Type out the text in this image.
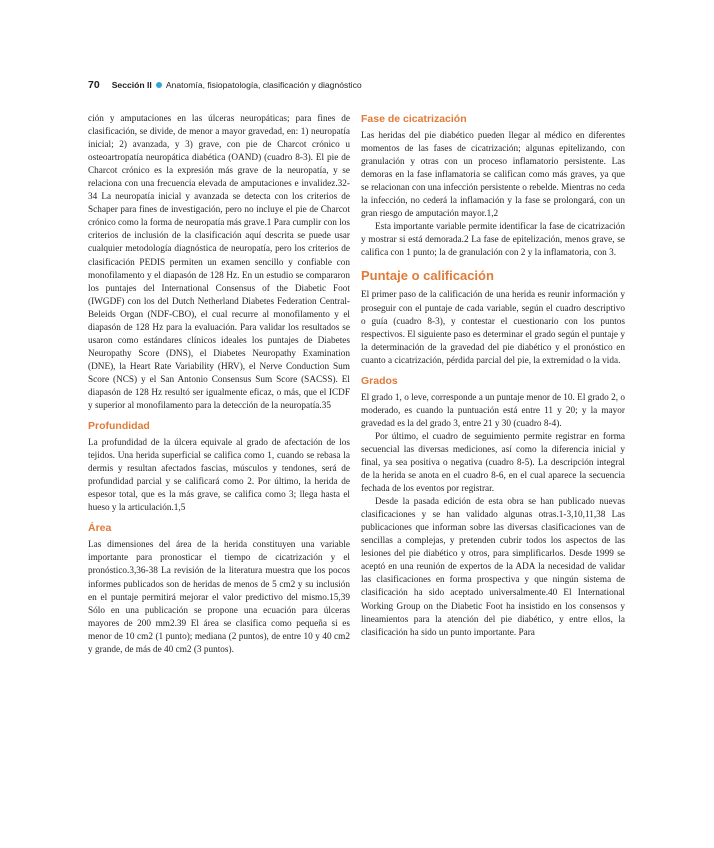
70 Sección II Anatomía, fisiopatología, clasificación y diagnóstico

ción y amputaciones en las úlceras neuropáticas; para fines de clasificación, se divide, de menor a mayor gravedad, en: 1) neuropatía inicial; 2) avanzada, y 3) grave, con pie de Charcot crónico u osteoartropatía neuropática diabética (OAND) (cuadro 8-3). El pie de Charcot crónico es la expresión más grave de la neuropatía, y se relaciona con una frecuencia elevada de amputaciones e invalidez.32-34 La neuropatía inicial y avanzada se detecta con los criterios de Schaper para fines de investigación, pero no incluye el pie de Charcot crónico como la forma de neuropatía más grave.1 Para cumplir con los criterios de inclusión de la clasificación aquí descrita se puede usar cualquier metodología diagnóstica de neuropatía, pero los criterios de clasificación PEDIS permiten un examen sencillo y confiable con monofilamento y el diapasón de 128 Hz. En un estudio se compararon los puntajes del International Consensus of the Diabetic Foot (IWGDF) con los del Dutch Netherland Diabetes Federation Central-Beleids Organ (NDF-CBO), el cual recurre al monofilamento y el diapasón de 128 Hz para la evaluación. Para validar los resultados se usaron como estándares clínicos ideales los puntajes de Diabetes Neuropathy Score (DNS), el Diabetes Neuropathy Examination (DNE), la Heart Rate Variability (HRV), el Nerve Conduction Sum Score (NCS) y el San Antonio Consensus Sum Score (SACSS). El diapasón de 128 Hz resultó ser igualmente eficaz, o más, que el ICDF y superior al monofilamento para la detección de la neuropatía.35

Profundidad

La profundidad de la úlcera equivale al grado de afectación de los tejidos. Una herida superficial se califica como 1, cuando se rebasa la dermis y resultan afectados fascias, músculos y tendones, será de profundidad parcial y se calificará como 2. Por último, la herida de espesor total, que es la más grave, se califica como 3; llega hasta el hueso y la articulación.1,5

Área

Las dimensiones del área de la herida constituyen una variable importante para pronosticar el tiempo de cicatrización y el pronóstico.3,36-38 La revisión de la literatura muestra que los pocos informes publicados son de heridas de menos de 5 cm2 y su inclusión en el puntaje permitirá mejorar el valor predictivo del mismo.15,39 Sólo en una publicación se propone una ecuación para úlceras mayores de 200 mm2.39 El área se clasifica como pequeña si es menor de 10 cm2 (1 punto); mediana (2 puntos), de entre 10 y 40 cm2 y grande, de más de 40 cm2 (3 puntos).

Fase de cicatrización

Las heridas del pie diabético pueden llegar al médico en diferentes momentos de las fases de cicatrización; algunas epitelizando, con granulación y otras con un proceso inflamatorio persistente. Las demoras en la fase inflamatoria se califican como más graves, ya que se relacionan con una infección persistente o rebelde. Mientras no ceda la infección, no cederá la inflamación y la fase se prolongará, con un gran riesgo de amputación mayor.1,2

Esta importante variable permite identificar la fase de cicatrización y mostrar si está demorada.2 La fase de epitelización, menos grave, se califica con 1 punto; la de granulación con 2 y la inflamatoria, con 3.

Puntaje o calificación

El primer paso de la calificación de una herida es reunir información y proseguir con el puntaje de cada variable, según el cuadro descriptivo o guía (cuadro 8-3), y contestar el cuestionario con los puntos respectivos. El siguiente paso es determinar el grado según el puntaje y la determinación de la gravedad del pie diabético y el pronóstico en cuanto a cicatrización, pérdida parcial del pie, la extremidad o la vida.

Grados

El grado 1, o leve, corresponde a un puntaje menor de 10. El grado 2, o moderado, es cuando la puntuación está entre 11 y 20; y la mayor gravedad es la del grado 3, entre 21 y 30 (cuadro 8-4).

Por último, el cuadro de seguimiento permite registrar en forma secuencial las diversas mediciones, así como la diferencia inicial y final, ya sea positiva o negativa (cuadro 8-5). La descripción integral de la herida se anota en el cuadro 8-6, en el cual aparece la secuencia fechada de los eventos por registrar.

Desde la pasada edición de esta obra se han publicado nuevas clasificaciones y se han validado algunas otras.1-3,10,11,38 Las publicaciones que informan sobre las diversas clasificaciones van de sencillas a complejas, y pretenden cubrir todos los aspectos de las lesiones del pie diabético y otros, para simplificarlos. Desde 1999 se aceptó en una reunión de expertos de la ADA la necesidad de validar las clasificaciones en forma prospectiva y que ningún sistema de clasificación ha sido aceptado universalmente.40 El International Working Group on the Diabetic Foot ha insistido en los consensos y lineamientos para la atención del pie diabético, y entre ellos, la clasificación ha sido un punto importante. Para
